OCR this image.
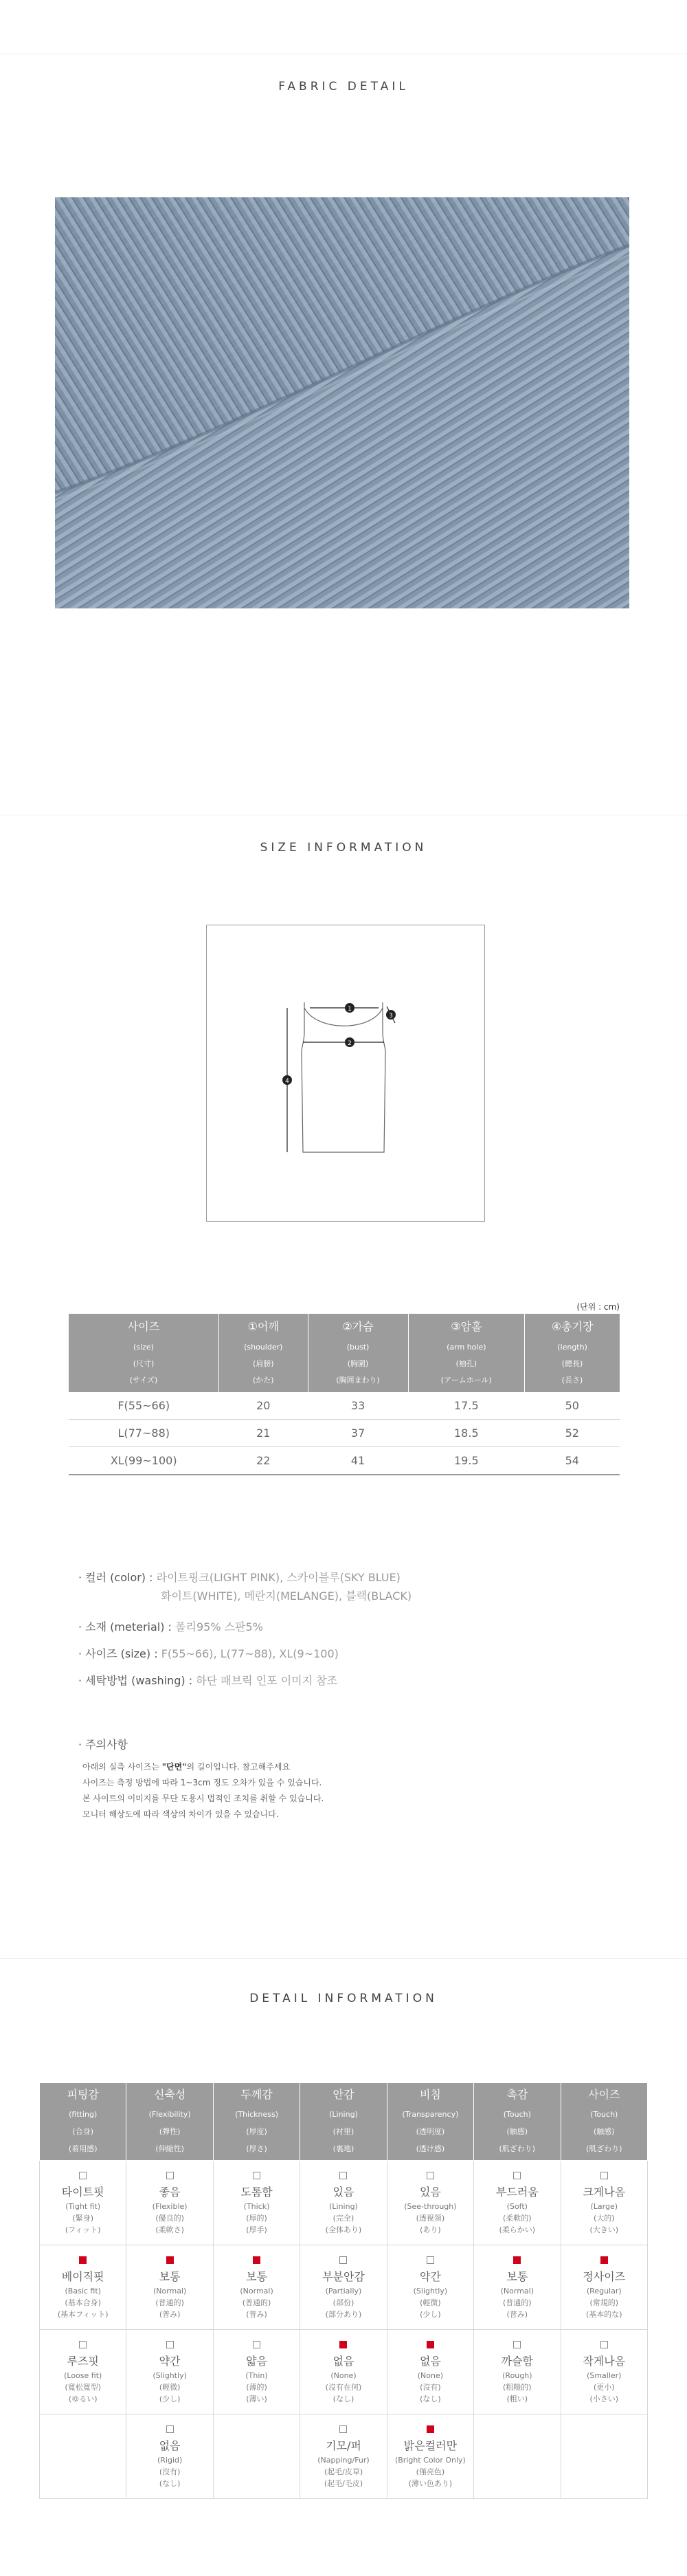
FABRIC DETAIL
SIZE INFORMATION
1
2
3
4
(단위 : cm)
사이즈
(size)
(尺寸)
(サイズ)	①어깨
(shoulder)
(肩膀)
(かた)	②가슴
(bust)
(胸圍)
(胸囲まわり)	③암홀
(arm hole)
(袖孔)
(アームホール)	④총기장
(length)
(總長)
(長さ)

F(55~66)	20	33	17.5	50
L(77~88)	21	37	18.5	52
XL(99~100)	22	41	19.5	54
· 컬러 (color) : 라이트핑크(LIGHT PINK), 스카이블루(SKY BLUE)
화이트(WHITE), 메란지(MELANGE), 블랙(BLACK)
· 소재 (meterial) : 폴리95% 스판5%
· 사이즈 (size) : F(55~66), L(77~88), XL(9~100)
· 세탁방법 (washing) : 하단 패브릭 인포 이미지 참조
· 주의사항
아래의 실측 사이즈는 "단면"의 길이입니다. 참고해주세요
사이즈는 측정 방법에 따라 1~3cm 정도 오차가 있을 수 있습니다.
본 사이트의 이미지를 무단 도용시 법적인 조치를 취할 수 있습니다.
모니터 해상도에 따라 색상의 차이가 있을 수 있습니다.
DETAIL INFORMATION
피팅감
(fitting)
(合身)
(着用感)	신축성
(Flexibility)
(彈性)
(伸縮性)	두께감
(Thickness)
(厚度)
(厚さ)	안감
(Lining)
(衬里)
(裏地)	비침
(Transparency)
(透明度)
(透け感)	촉감
(Touch)
(触感)
(肌ざわり)	사이즈
(Touch)
(触感)
(肌ざわり)

타이트핏
(Tight fit)
(緊身)
(フィット)	좋음
(Flexible)
(優良的)
(柔軟さ)	도톰함
(Thick)
(厚的)
(厚手)	있음
(Lining)
(完全)
(全体あり)	있음
(See-through)
(透視領)
(あり)	부드러움
(Soft)
(柔軟的)
(柔らかい)	크게나옴
(Large)
(大的)
(大きい)

베이직핏
(Basic fit)
(基本合身)
(基本フィット)	보통
(Normal)
(普通的)
(普み)	보통
(Normal)
(普通的)
(普み)	부분안감
(Partially)
(部份)
(部分あり)	약간
(Slightly)
(輕微)
(少し)	보통
(Normal)
(普通的)
(普み)	정사이즈
(Regular)
(常規的)
(基本的な)

루즈핏
(Loose fit)
(寬松寬型)
(ゆるい)	약간
(Slightly)
(輕微)
(少し)	얇음
(Thin)
(薄的)
(薄い)	없음
(None)
(沒有在何)
(なし)	없음
(None)
(沒有)
(なし)	까슬함
(Rough)
(粗糙的)
(粗い)	작게나옴
(Smaller)
(更小)
(小さい)

	없음
(Rigid)
(沒有)
(なし)		기모/퍼
(Napping/Fur)
(起毛/皮草)
(起毛/毛皮)	밝은컬러만
(Bright Color Only)
(僅亮色)
(薄い色あり)		
